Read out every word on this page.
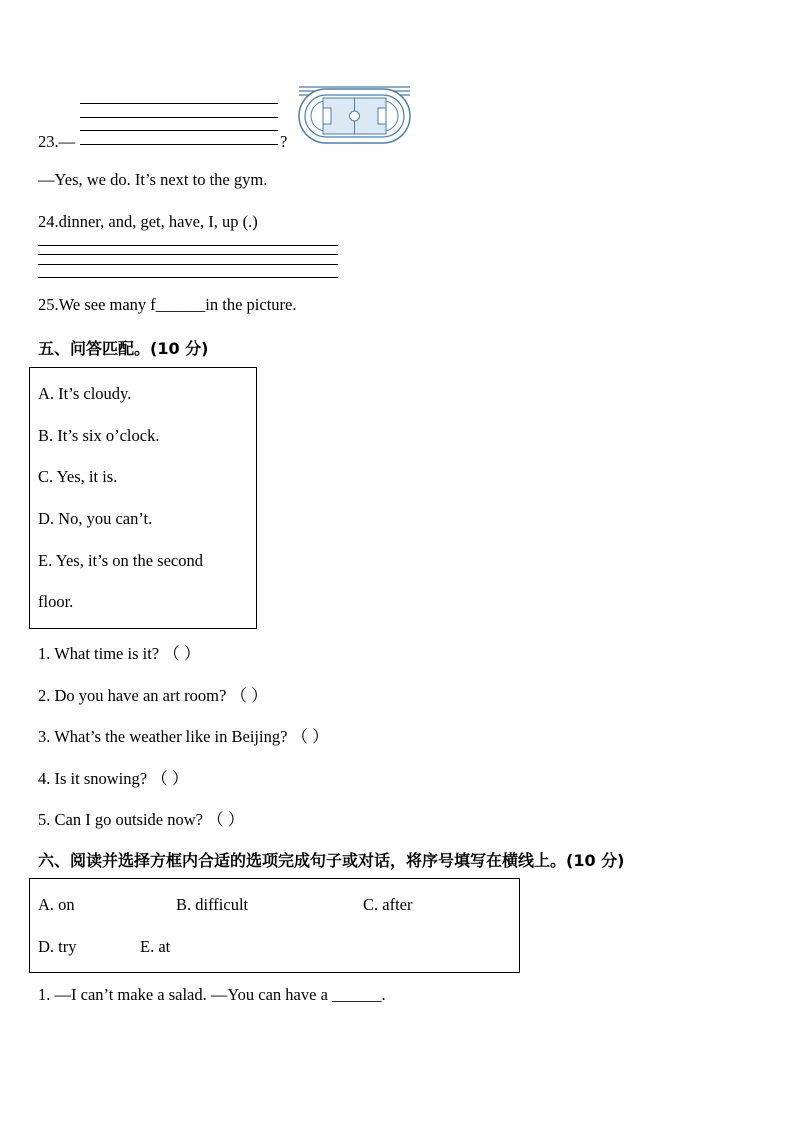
23.—	?
—Yes, we do. It’s next to the gym.
24.dinner, and, get, have, I, up (.)
25.We see many f______in the picture.
五、问答匹配。(10 分)
A. It’s cloudy.
B. It’s six o’clock.
C. Yes, it is.
D. No, you can’t.
E. Yes, it’s on the second
floor.
1. What time is it? （ ）
2. Do you have an art room? （ ）
3. What’s the weather like in Beijing? （ ）
4. Is it snowing? （ ）
5. Can I go outside now? （ ）
六、阅读并选择方框内合适的选项完成句子或对话，将序号填写在横线上。(10 分)
A. on	B. difficult	C. after
D. try	E. at
1. —I can’t make a salad. —You can have a ______.
